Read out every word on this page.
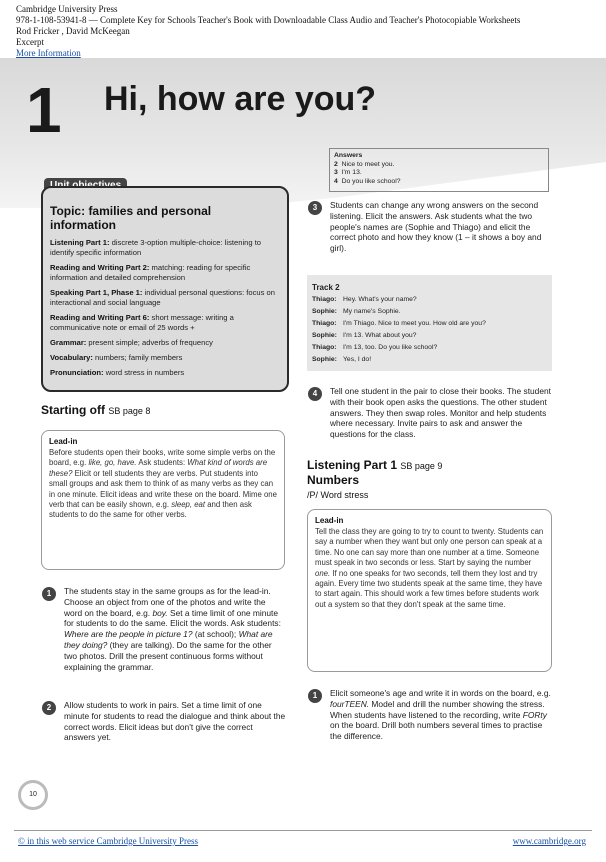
Cambridge University Press
978-1-108-53941-8 — Complete Key for Schools Teacher's Book with Downloadable Class Audio and Teacher's Photocopiable Worksheets
Rod Fricker , David McKeegan
Excerpt
More Information
1 Hi, how are you?
Topic: families and personal information
Listening Part 1: discrete 3-option multiple-choice: listening to identify specific information
Reading and Writing Part 2: matching: reading for specific information and detailed comprehension
Speaking Part 1, Phase 1: individual personal questions: focus on interactional and social language
Reading and Writing Part 6: short message: writing a communicative note or email of 25 words +
Grammar: present simple; adverbs of frequency
Vocabulary: numbers; family members
Pronunciation: word stress in numbers
Starting off SB page 8
Lead-in

Before students open their books, write some simple verbs on the board, e.g. like, go, have. Ask students: What kind of words are these? Elicit or tell students they are verbs. Put students into small groups and ask them to think of as many verbs as they can in one minute. Elicit ideas and write these on the board. Mime one verb that can be easily shown, e.g. sleep, eat and then ask students to do the same for other verbs.

1	The students stay in the same groups as for the lead-in. Choose an object from one of the photos and write the word on the board, e.g. boy. Set a time limit of one minute for students to do the same. Elicit the words. Ask students: Where are the people in picture 1? (at school); What are they doing? (they are talking). Do the same for the other two photos. Drill the present continuous forms without explaining the grammar.
2	Allow students to work in pairs. Set a time limit of one minute for students to read the dialogue and think about the correct words. Elicit ideas but don't give the correct answers yet.
Answers
2 Nice to meet you.
3 I'm 13.
4 Do you like school?
3	Students can change any wrong answers on the second listening. Elicit the answers. Ask students what the two people's names are (Sophie and Thiago) and elicit the correct photo and how they know (1 – it shows a boy and girl).
Track 2
Thiago: Hey. What's your name?
Sophie: My name's Sophie.
Thiago: I'm Thiago. Nice to meet you. How old are you?
Sophie: I'm 13. What about you?
Thiago: I'm 13, too. Do you like school?
Sophie: Yes, I do!
4	Tell one student in the pair to close their books. The student with their book open asks the questions. The other student answers. They then swap roles. Monitor and help students where necessary. Invite pairs to ask and answer the questions for the class.
Listening Part 1 SB page 9
Numbers
/P/ Word stress
Lead-in

Tell the class they are going to try to count to twenty. Students can say a number when they want but only one person can speak at a time. No one can say more than one number at a time. Someone must speak in two seconds or less. Start by saying the number one. If no one speaks for two seconds, tell them they lost and try again. Every time two students speak at the same time, they have to start again. This should work a few times before students work out a system so that they don't speak at the same time.

1	Elicit someone's age and write it in words on the board, e.g. fourTEEN. Model and drill the number showing the stress. When students have listened to the recording, write FORty on the board. Drill both numbers several times to practise the difference.
10
© in this web service Cambridge University Press	www.cambridge.org
